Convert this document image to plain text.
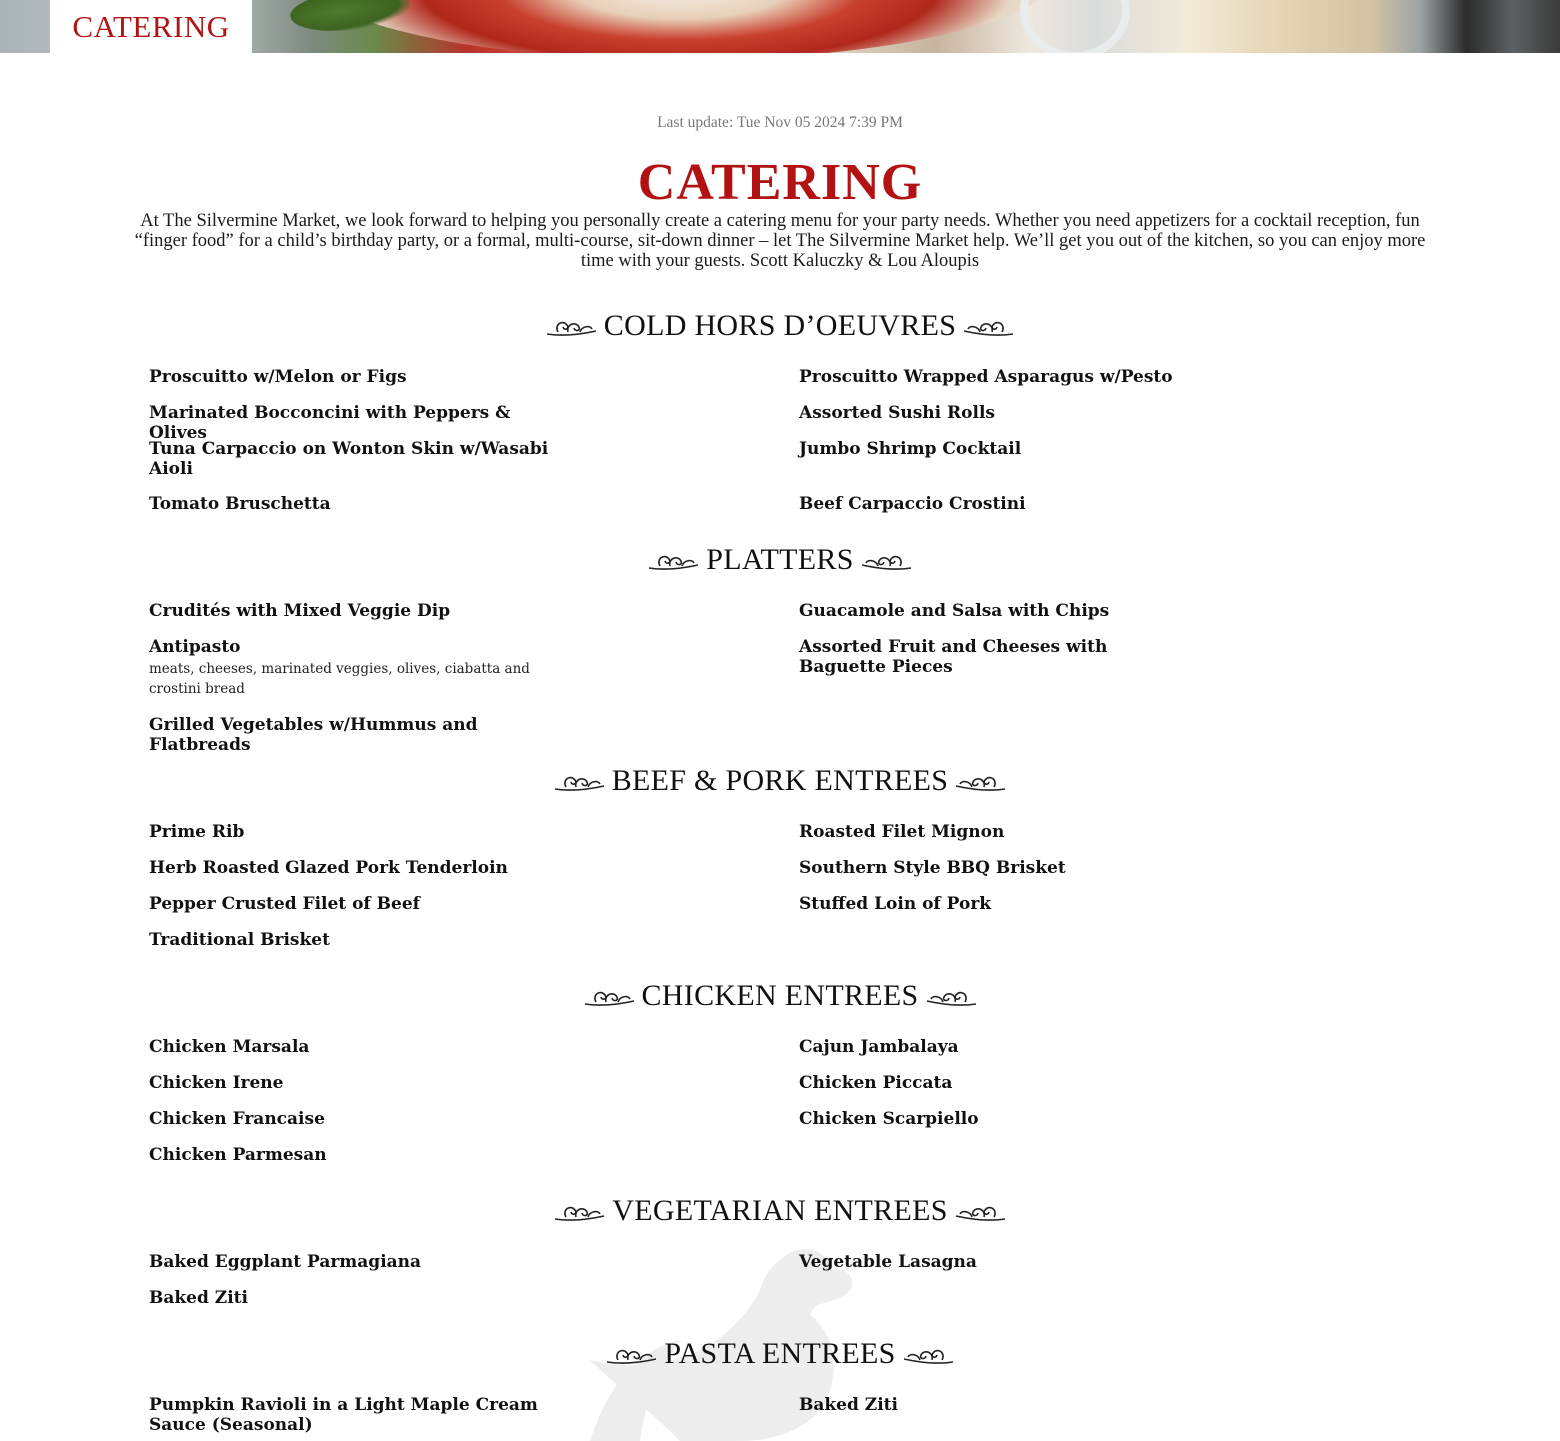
CATERING
Last update: Tue Nov 05 2024 7:39 PM
CATERING

At The Silvermine Market, we look forward to helping you personally create a catering menu for your party needs. Whether you need appetizers for a cocktail reception, fun “finger food” for a child’s birthday party, or a formal, multi-course, sit-down dinner – let The Silvermine Market help. We’ll get you out of the kitchen, so you can enjoy more time with your guests. Scott Kaluczky & Lou Aloupis

COLD HORS D’OEUVRES
Proscuitto w/Melon or Figs	Proscuitto Wrapped Asparagus w/Pesto
Marinated Bocconcini with Peppers & Olives
Assorted Sushi Rolls
Tuna Carpaccio on Wonton Skin w/Wasabi Aioli
Jumbo Shrimp Cocktail
Tomato Bruschetta	Beef Carpaccio Crostini
PLATTERS
Crudités with Mixed Veggie Dip	Guacamole and Salsa with Chips
Antipasto
meats, cheeses, marinated veggies, olives, ciabatta and crostini bread
Assorted Fruit and Cheeses with Baguette Pieces
Grilled Vegetables w/Hummus and Flatbreads
BEEF & PORK ENTREES
Prime Rib	Roasted Filet Mignon
Herb Roasted Glazed Pork Tenderloin	Southern Style BBQ Brisket
Pepper Crusted Filet of Beef	Stuffed Loin of Pork
Traditional Brisket
CHICKEN ENTREES
Chicken Marsala	Cajun Jambalaya
Chicken Irene	Chicken Piccata
Chicken Francaise	Chicken Scarpiello
Chicken Parmesan
VEGETARIAN ENTREES
Baked Eggplant Parmagiana	Vegetable Lasagna
Baked Ziti
PASTA ENTREES
Pumpkin Ravioli in a Light Maple Cream Sauce (Seasonal)
Baked Ziti
